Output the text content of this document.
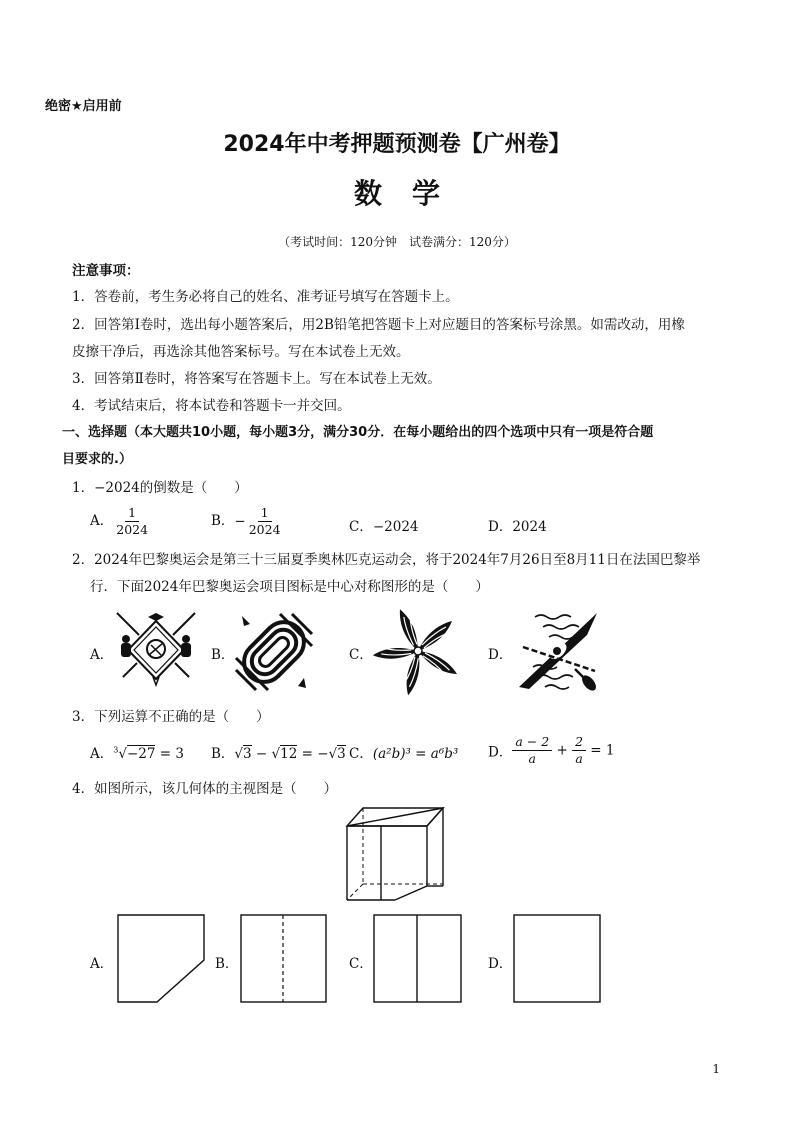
绝密★启用前
2024年中考押题预测卷【广州卷】
数学
（考试时间：120分钟　试卷满分：120分）
注意事项：
1．答卷前，考生务必将自己的姓名、准考证号填写在答题卡上。
2．回答第Ⅰ卷时，选出每小题答案后，用2B铅笔把答题卡上对应题目的答案标号涂黑。如需改动，用橡
皮擦干净后，再选涂其他答案标号。写在本试卷上无效。
3．回答第Ⅱ卷时，将答案写在答题卡上。写在本试卷上无效。
4．考试结束后，将本试卷和答题卡一并交回。
一、选择题（本大题共10小题，每小题3分，满分30分．在每小题给出的四个选项中只有一项是符合题
目要求的.）
1．−2024的倒数是（　　）
A． $\frac{1}{2024}$	B．− $\frac{1}{2024}$	C．−2024	D．2024
2．2024年巴黎奥运会是第三十三届夏季奥林匹克运动会，将于2024年7月26日至8月11日在法国巴黎举
行．下面2024年巴黎奥运会项目图标是中心对称图形的是（　　）
A．	B．	C．	D．
3．下列运算不正确的是（　　）
A．$^3$√−27 = 3 B．√3 − √12 = −√3 C．(a²b)³ = a⁶b³ D． $\frac{a - 2}{a} + \frac{2}{a} = 1$
4．如图所示，该几何体的主视图是（　　）
A．	B．	C．	D．
1
